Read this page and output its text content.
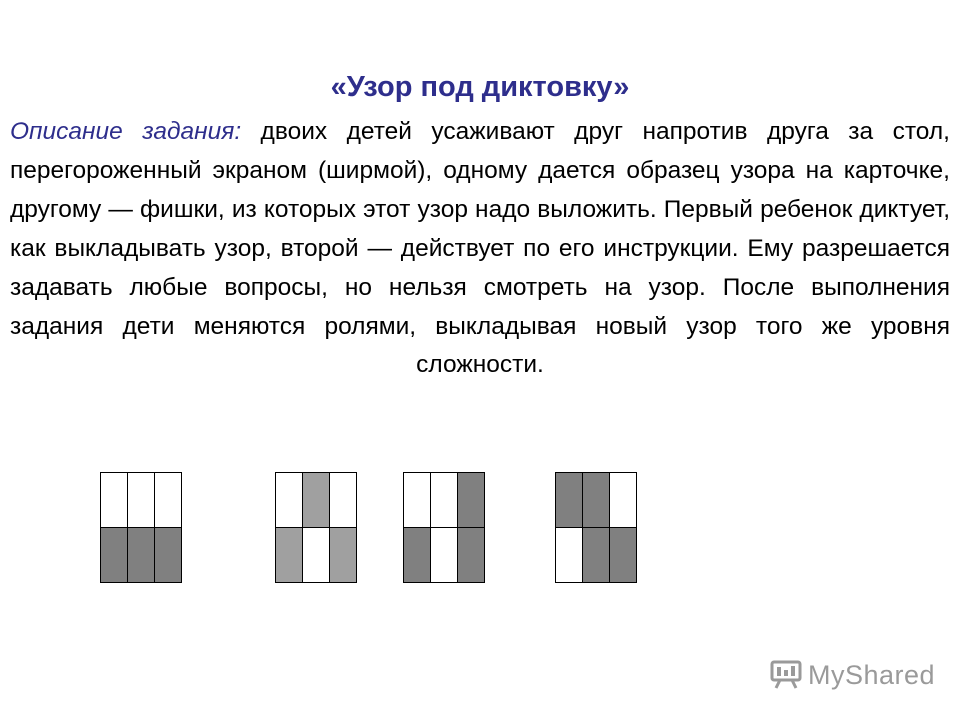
«Узор под диктовку»
Описание задания: двоих детей усаживают друг напротив друга за стол, перегороженный экраном (ширмой), одному дается образец узора на карточке, другому — фишки, из которых этот узор надо выложить. Первый ребенок диктует, как выкладывать узор, второй — действует по его инструкции. Ему разрешается задавать любые вопросы, но нельзя смотреть на узор. После выполнения задания дети меняются ролями, выкладывая новый узор того же уровня сложности.
MyShared
